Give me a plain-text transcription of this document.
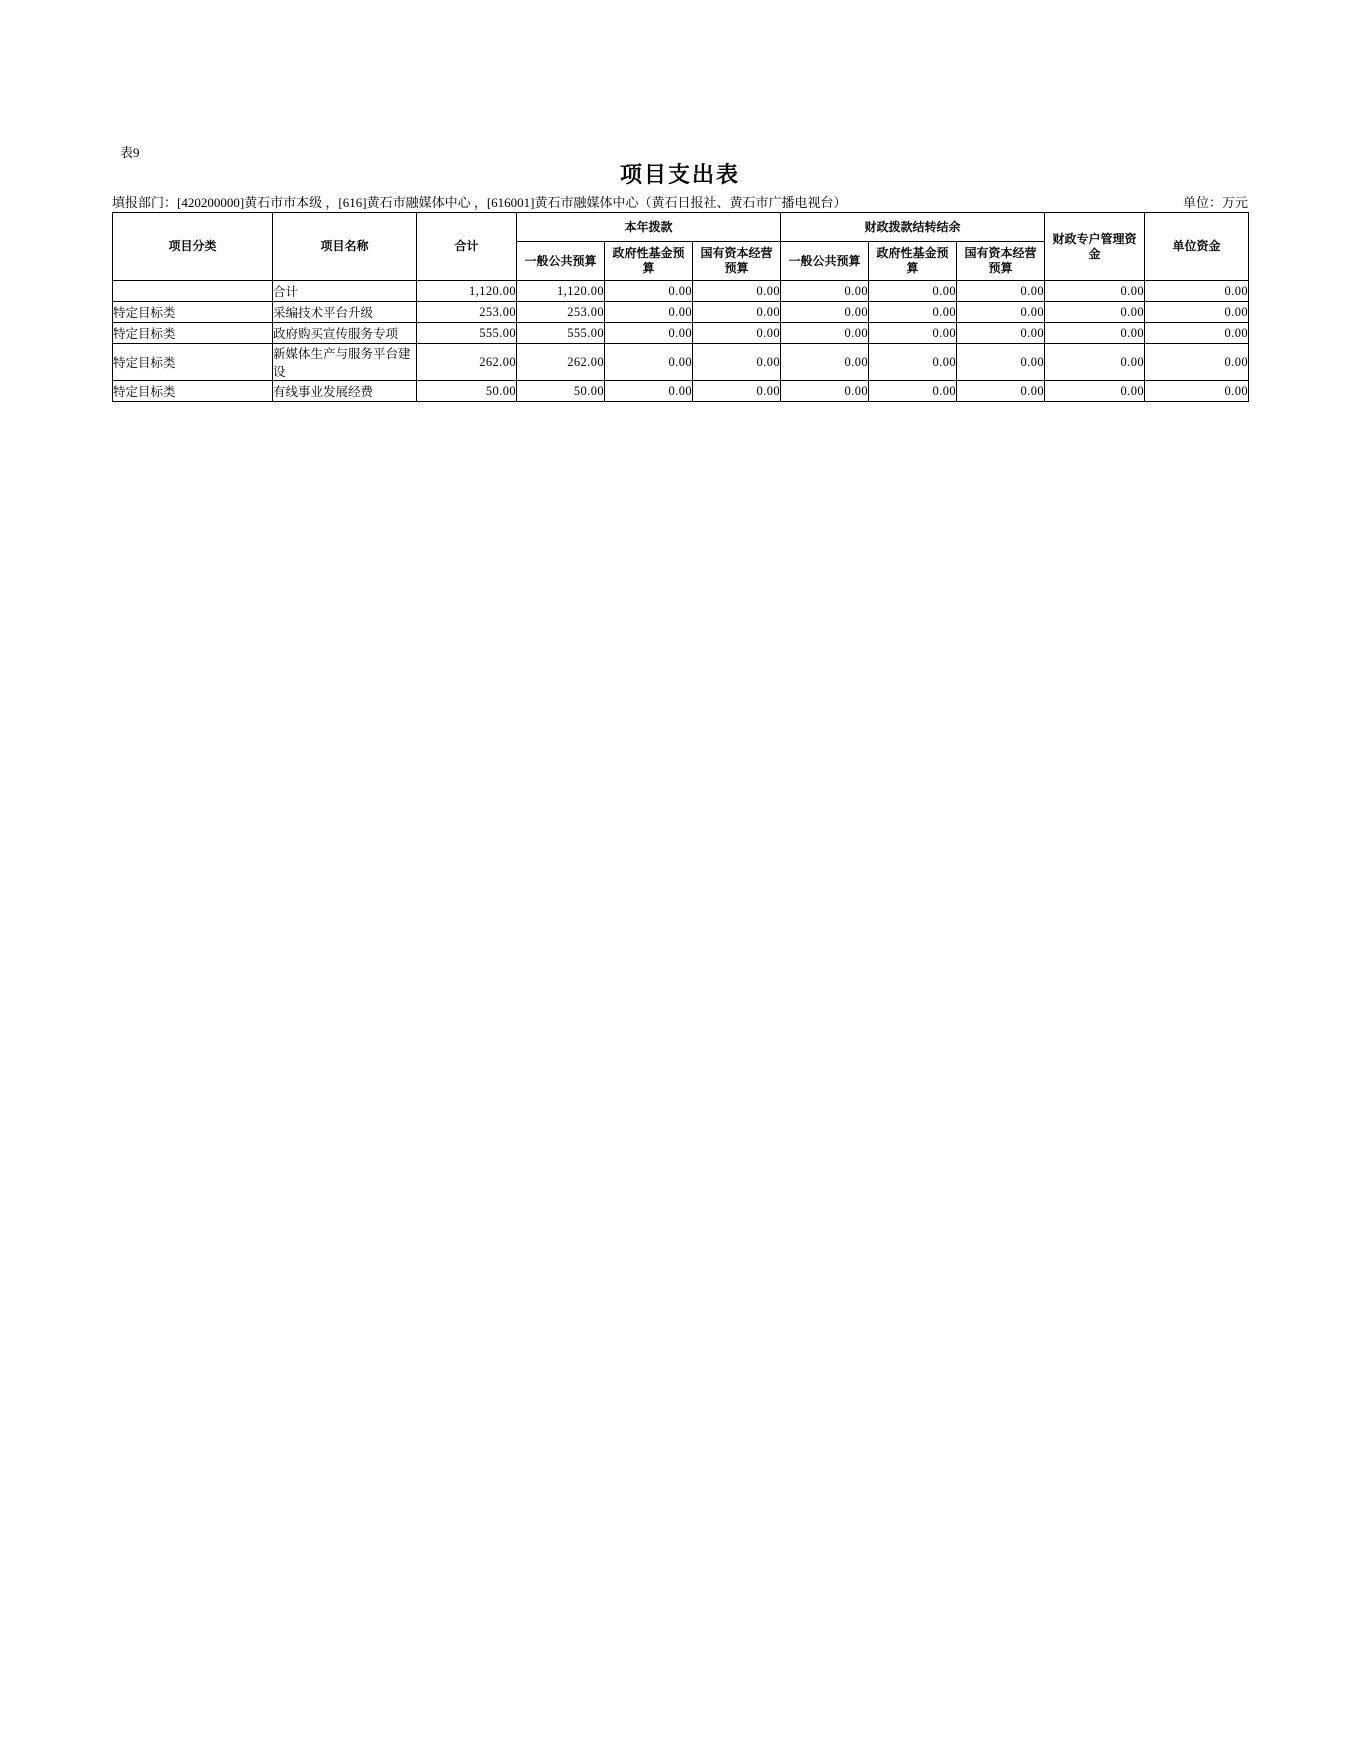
表9
项目支出表
填报部门：[420200000]黄石市市本级 ，[616]黄石市融媒体中心 ，[616001]黄石市融媒体中心（黄石日报社、黄石市广播电视台）	单位：万元
项目分类	项目名称	合计	本年拨款			财政拨款结转结余			财政专户管理资金	单位资金
			一般公共预算	政府性基金预算	国有资本经营预算	一般公共预算	政府性基金预算	国有资本经营预算		
	合计	1,120.00	1,120.00	0.00	0.00	0.00	0.00	0.00	0.00	0.00
特定目标类	采编技术平台升级	253.00	253.00	0.00	0.00	0.00	0.00	0.00	0.00	0.00
特定目标类	政府购买宣传服务专项	555.00	555.00	0.00	0.00	0.00	0.00	0.00	0.00	0.00
特定目标类	新媒体生产与服务平台建设	262.00	262.00	0.00	0.00	0.00	0.00	0.00	0.00	0.00
特定目标类	有线事业发展经费	50.00	50.00	0.00	0.00	0.00	0.00	0.00	0.00	0.00
